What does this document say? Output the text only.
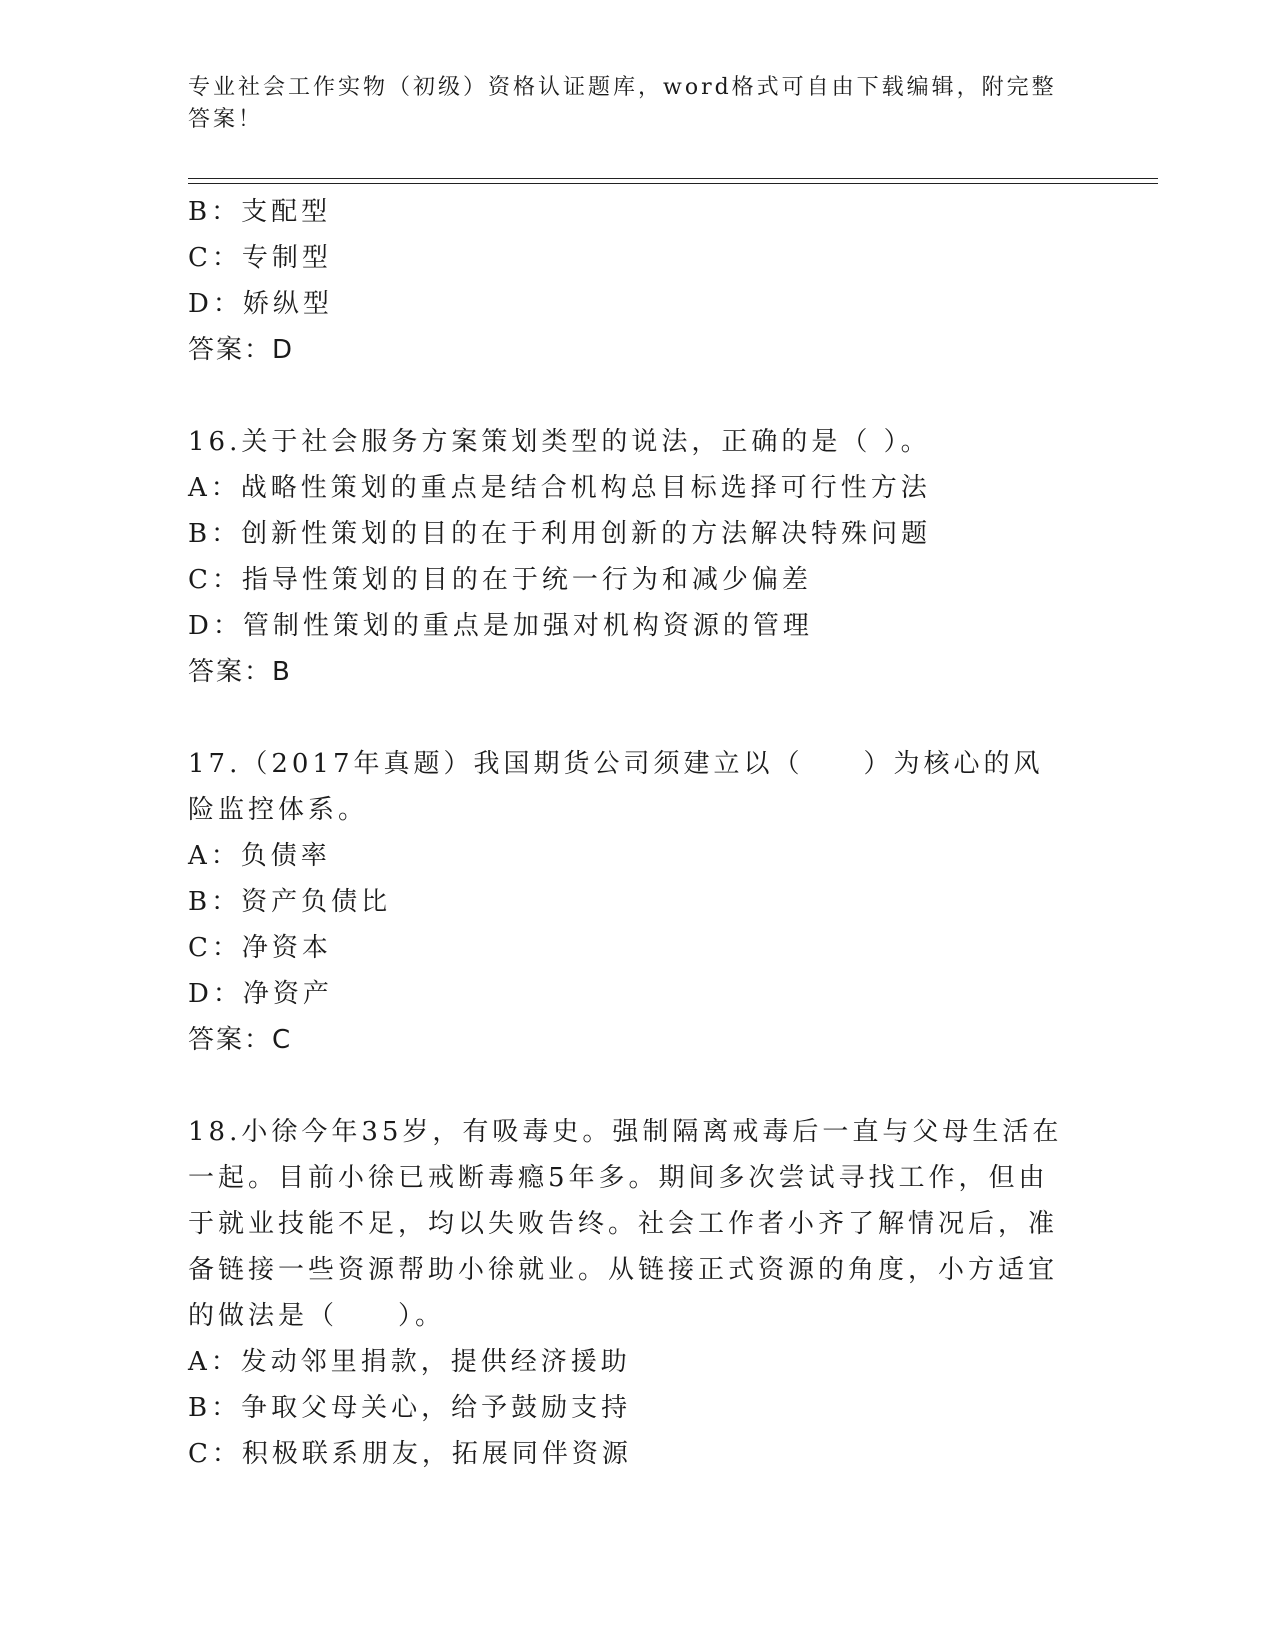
专业社会工作实物（初级）资格认证题库，word格式可自由下载编辑，附完整答案！
B：支配型
C：专制型
D：娇纵型
答案：D
16.关于社会服务方案策划类型的说法，正确的是（ ）。
A：战略性策划的重点是结合机构总目标选择可行性方法
B：创新性策划的目的在于利用创新的方法解决特殊问题
C：指导性策划的目的在于统一行为和减少偏差
D：管制性策划的重点是加强对机构资源的管理
答案：B
17.（2017年真题）我国期货公司须建立以（　　）为核心的风险监控体系。
A：负债率
B：资产负债比
C：净资本
D：净资产
答案：C
18.小徐今年35岁，有吸毒史。强制隔离戒毒后一直与父母生活在一起。目前小徐已戒断毒瘾5年多。期间多次尝试寻找工作，但由于就业技能不足，均以失败告终。社会工作者小齐了解情况后，准备链接一些资源帮助小徐就业。从链接正式资源的角度，小方适宜的做法是（　　）。
A：发动邻里捐款，提供经济援助
B：争取父母关心，给予鼓励支持
C：积极联系朋友，拓展同伴资源
